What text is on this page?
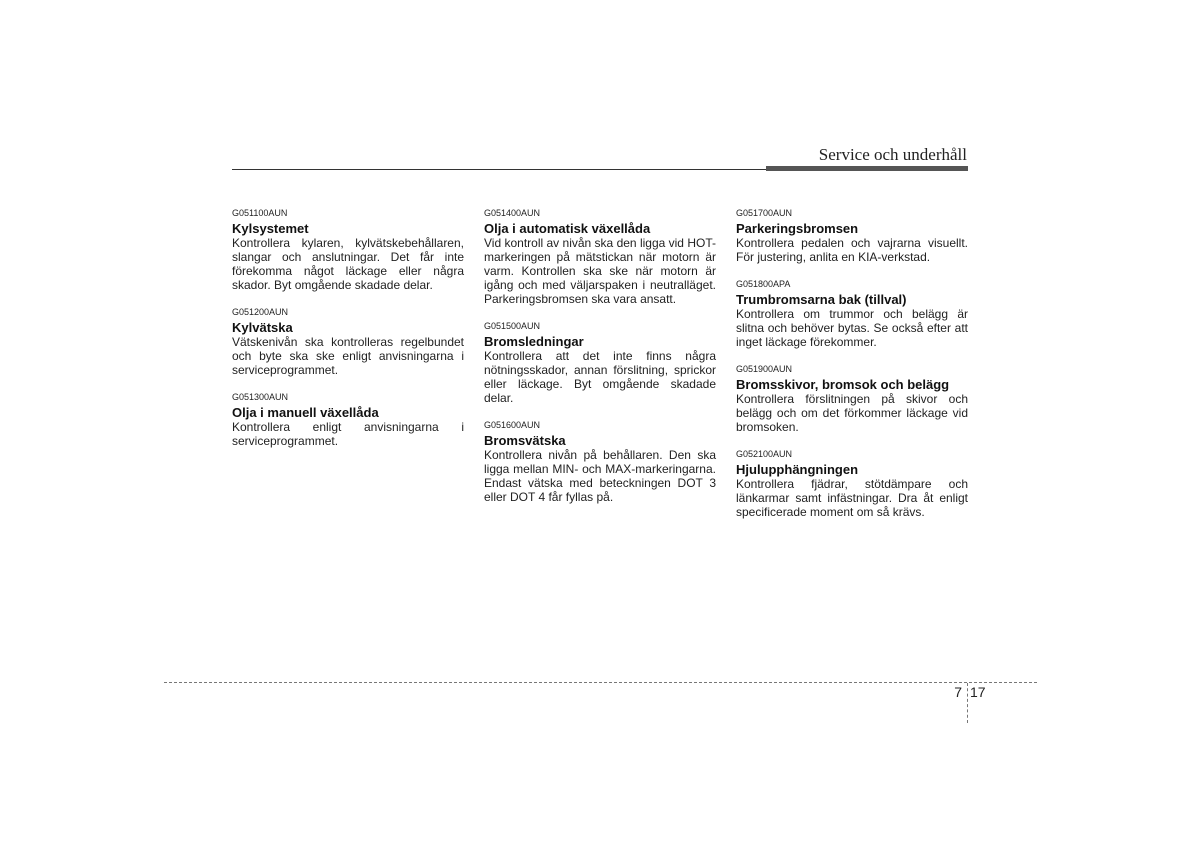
Service och underhåll
G051100AUN
Kylsystemet
Kontrollera kylaren, kylvätskebehållaren, slangar och anslutningar. Det får inte förekomma något läckage eller några skador. Byt omgående skadade delar.
G051200AUN
Kylvätska
Vätskenivån ska kontrolleras regelbundet och byte ska ske enligt anvisningarna i serviceprogrammet.
G051300AUN
Olja i manuell växellåda
Kontrollera enligt anvisningarna i serviceprogrammet.
G051400AUN
Olja i automatisk växellåda
Vid kontroll av nivån ska den ligga vid HOT-markeringen på mätstickan när motorn är varm. Kontrollen ska ske när motorn är igång och med väljarspaken i neutralläget. Parkeringsbromsen ska vara ansatt.
G051500AUN
Bromsledningar
Kontrollera att det inte finns några nötningsskador, annan förslitning, sprickor eller läckage. Byt omgående skadade delar.
G051600AUN
Bromsvätska
Kontrollera nivån på behållaren. Den ska ligga mellan MIN- och MAX-markeringarna. Endast vätska med beteckningen DOT 3 eller DOT 4 får fyllas på.
G051700AUN
Parkeringsbromsen
Kontrollera pedalen och vajrarna visuellt. För justering, anlita en KIA-verkstad.
G051800APA
Trumbromsarna bak (tillval)
Kontrollera om trummor och belägg är slitna och behöver bytas. Se också efter att inget läckage förekommer.
G051900AUN
Bromsskivor, bromsok och belägg
Kontrollera förslitningen på skivor och belägg och om det förkommer läckage vid bromsoken.
G052100AUN
Hjulupphängningen
Kontrollera fjädrar, stötdämpare och länkarmar samt infästningar. Dra åt enligt specificerade moment om så krävs.
7 17
